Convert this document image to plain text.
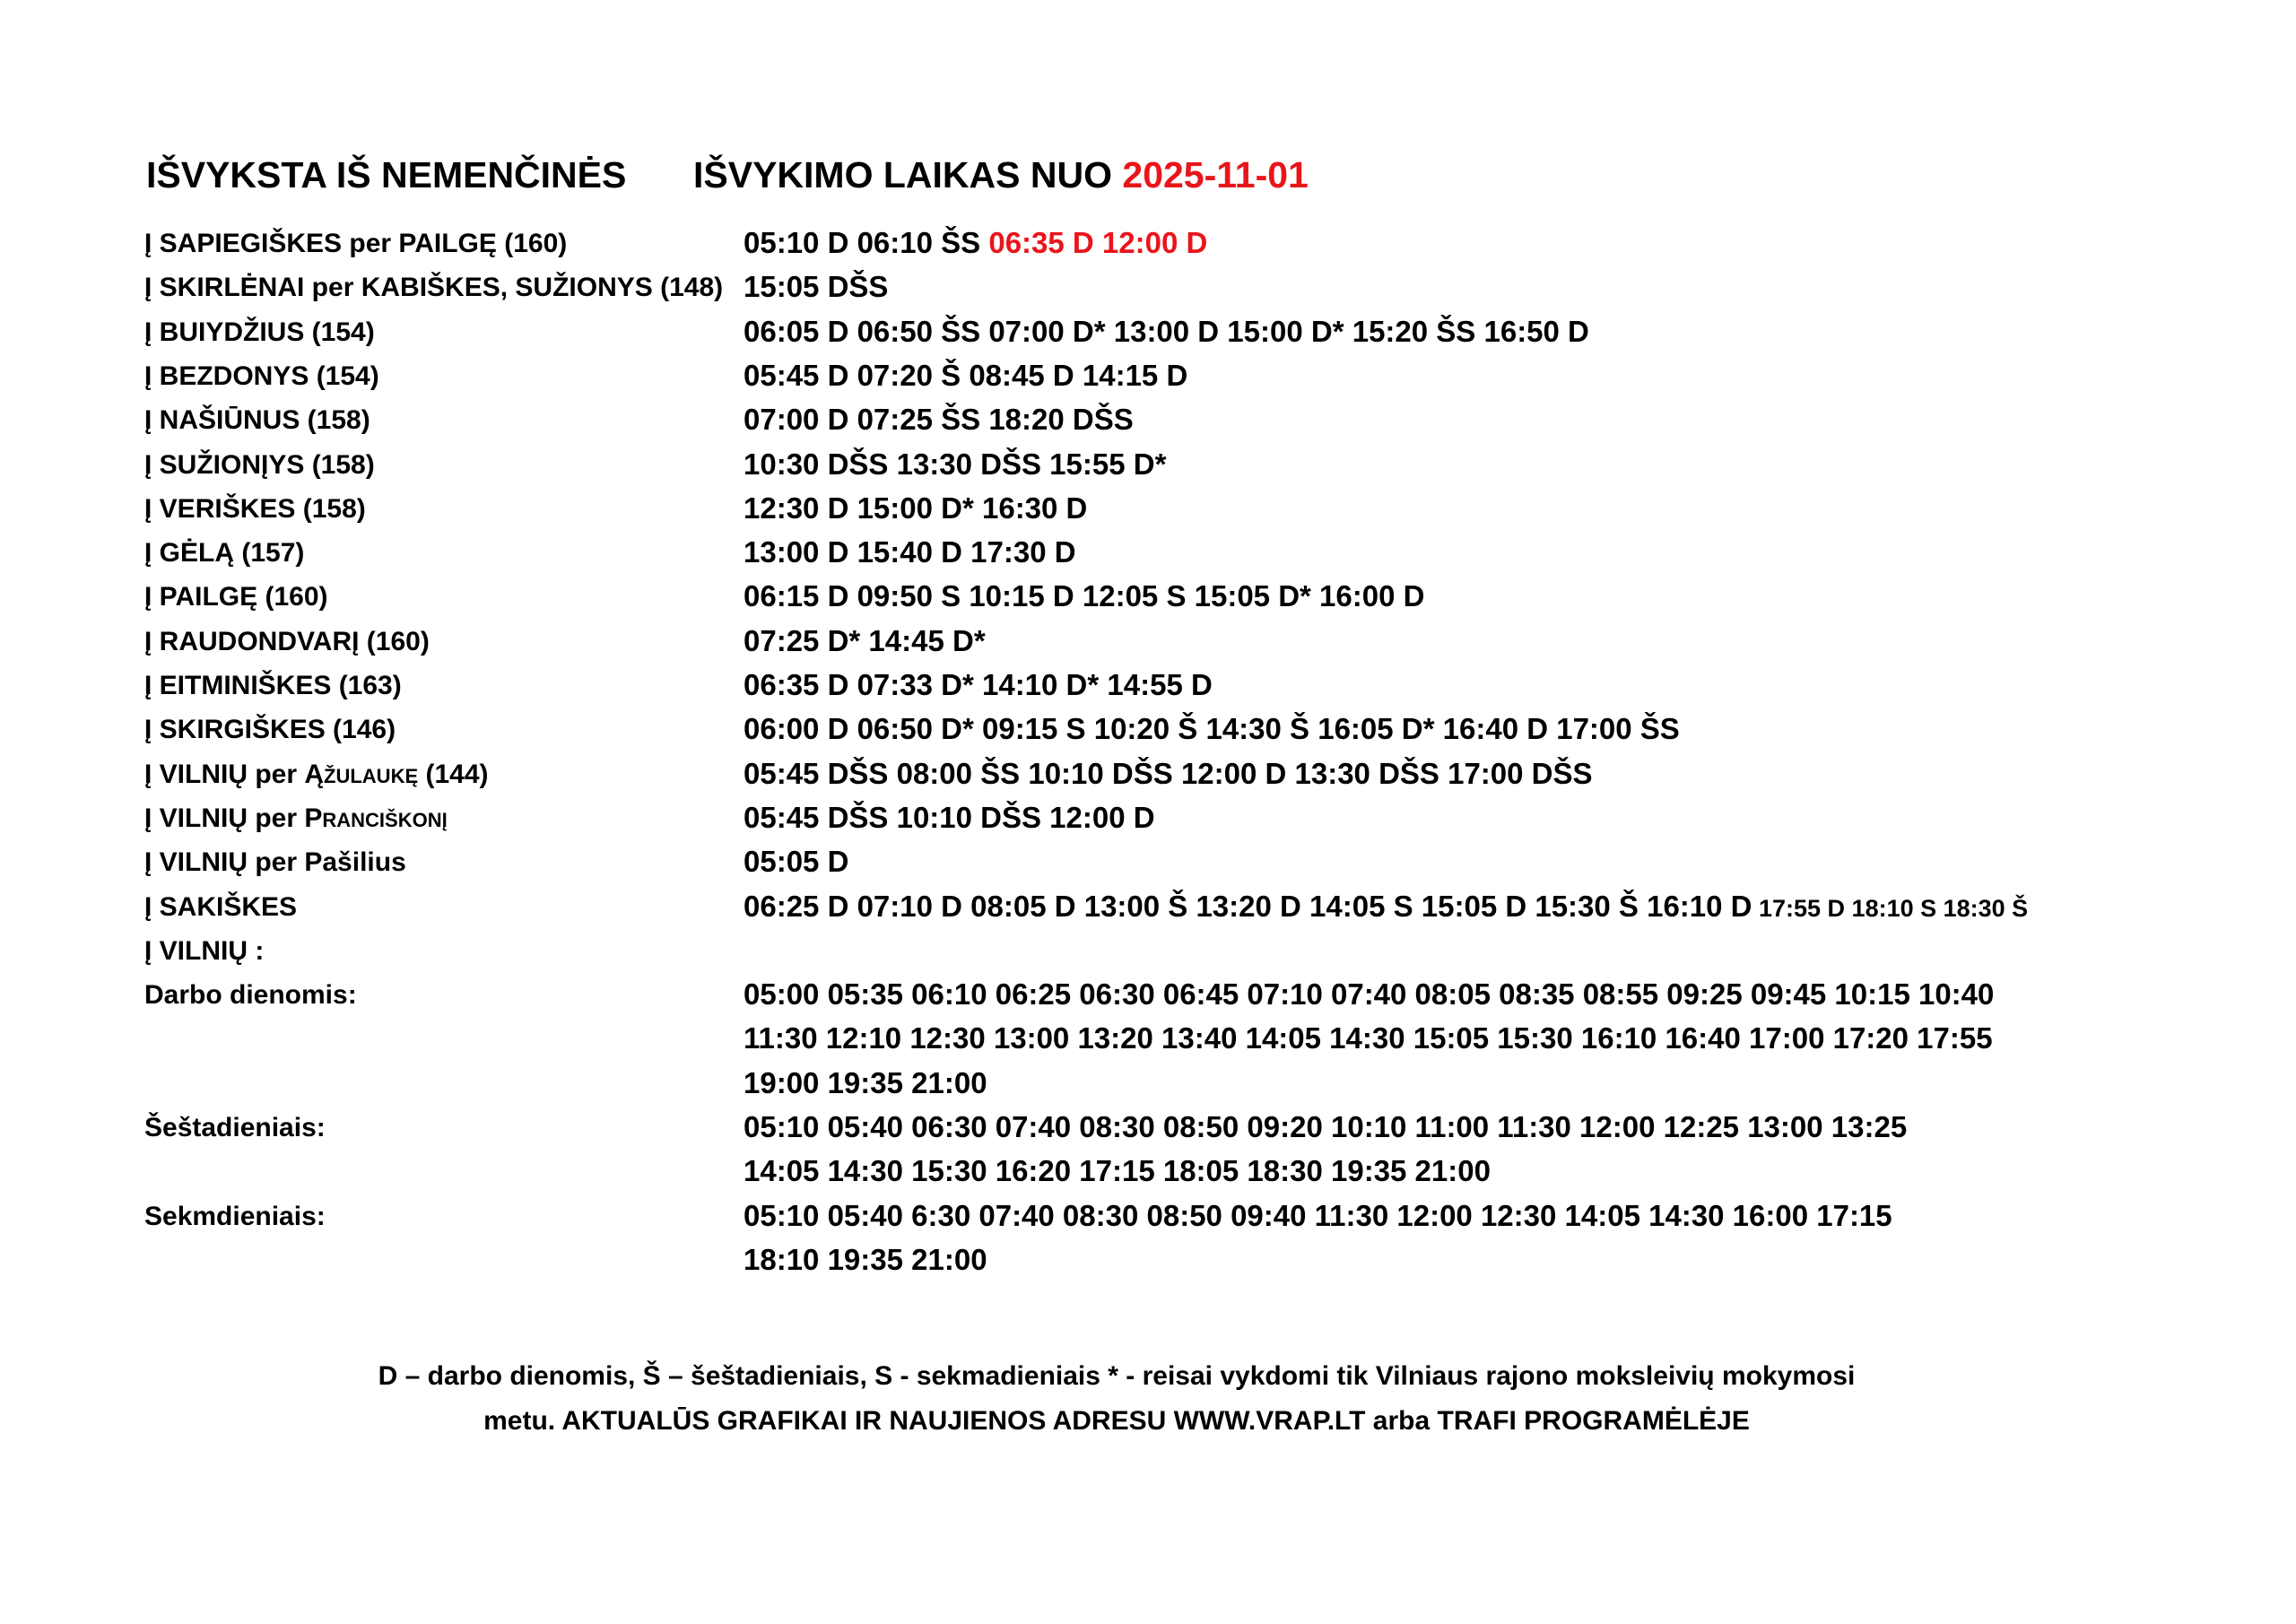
IŠVYKSTA IŠ NEMENČINĖS IŠVYKIMO LAIKAS NUO 2025-11-01
Į SAPIEGIŠKES per PAILGĘ (160)	05:10 D 06:10 ŠS 06:35 D 12:00 D
Į SKIRLĖNAI per KABIŠKES, SUŽIONYS (148) 15:05 DŠS
Į BUIYDŽIUS (154)	06:05 D 06:50 ŠS 07:00 D* 13:00 D 15:00 D* 15:20 ŠS 16:50 D
Į BEZDONYS (154)	05:45 D 07:20 Š 08:45 D 14:15 D
Į NAŠIŪNUS (158)	07:00 D 07:25 ŠS 18:20 DŠS
Į SUŽIONĮYS (158)	10:30 DŠS 13:30 DŠS 15:55 D*
Į VERIŠKES (158)	12:30 D 15:00 D* 16:30 D
Į GĖLĄ (157)	13:00 D 15:40 D 17:30 D
Į PAILGĘ (160)	06:15 D 09:50 S 10:15 D 12:05 S 15:05 D* 16:00 D
Į RAUDONDVARĮ (160)	07:25 D* 14:45 D*
Į EITMINIŠKES (163)	06:35 D 07:33 D* 14:10 D* 14:55 D
Į SKIRGIŠKES (146)	06:00 D 06:50 D* 09:15 S 10:20 Š 14:30 Š 16:05 D* 16:40 D 17:00 ŠS
Į VILNIŲ per ĄŽULAUKĘ (144)	05:45 DŠS 08:00 ŠS 10:10 DŠS 12:00 D 13:30 DŠS 17:00 DŠS
Į VILNIŲ per PRANCIŠKONĮ	05:45 DŠS 10:10 DŠS 12:00 D
Į VILNIŲ per Pašilius	05:05 D
Į SAKIŠKES	06:25 D 07:10 D 08:05 D 13:00 Š 13:20 D 14:05 S 15:05 D 15:30 Š 16:10 D 17:55 D 18:10 S 18:30 Š
Į VILNIŲ :
Darbo dienomis:	05:00 05:35 06:10 06:25 06:30 06:45 07:10 07:40 08:05 08:35 08:55 09:25 09:45 10:15 10:40
11:30 12:10 12:30 13:00 13:20 13:40 14:05 14:30 15:05 15:30 16:10 16:40 17:00 17:20 17:55
19:00 19:35 21:00
Šeštadieniais:	05:10 05:40 06:30 07:40 08:30 08:50 09:20 10:10 11:00 11:30 12:00 12:25 13:00 13:25
14:05 14:30 15:30 16:20 17:15 18:05 18:30 19:35 21:00
Sekmdieniais:	05:10 05:40 6:30 07:40 08:30 08:50 09:40 11:30 12:00 12:30 14:05 14:30 16:00 17:15
18:10 19:35 21:00
D – darbo dienomis, Š – šeštadieniais, S - sekmadieniais * - reisai vykdomi tik Vilniaus rajono moksleivių mokymosi
metu. AKTUALŪS GRAFIKAI IR NAUJIENOS ADRESU WWW.VRAP.LT arba TRAFI PROGRAMĖLĖJE
